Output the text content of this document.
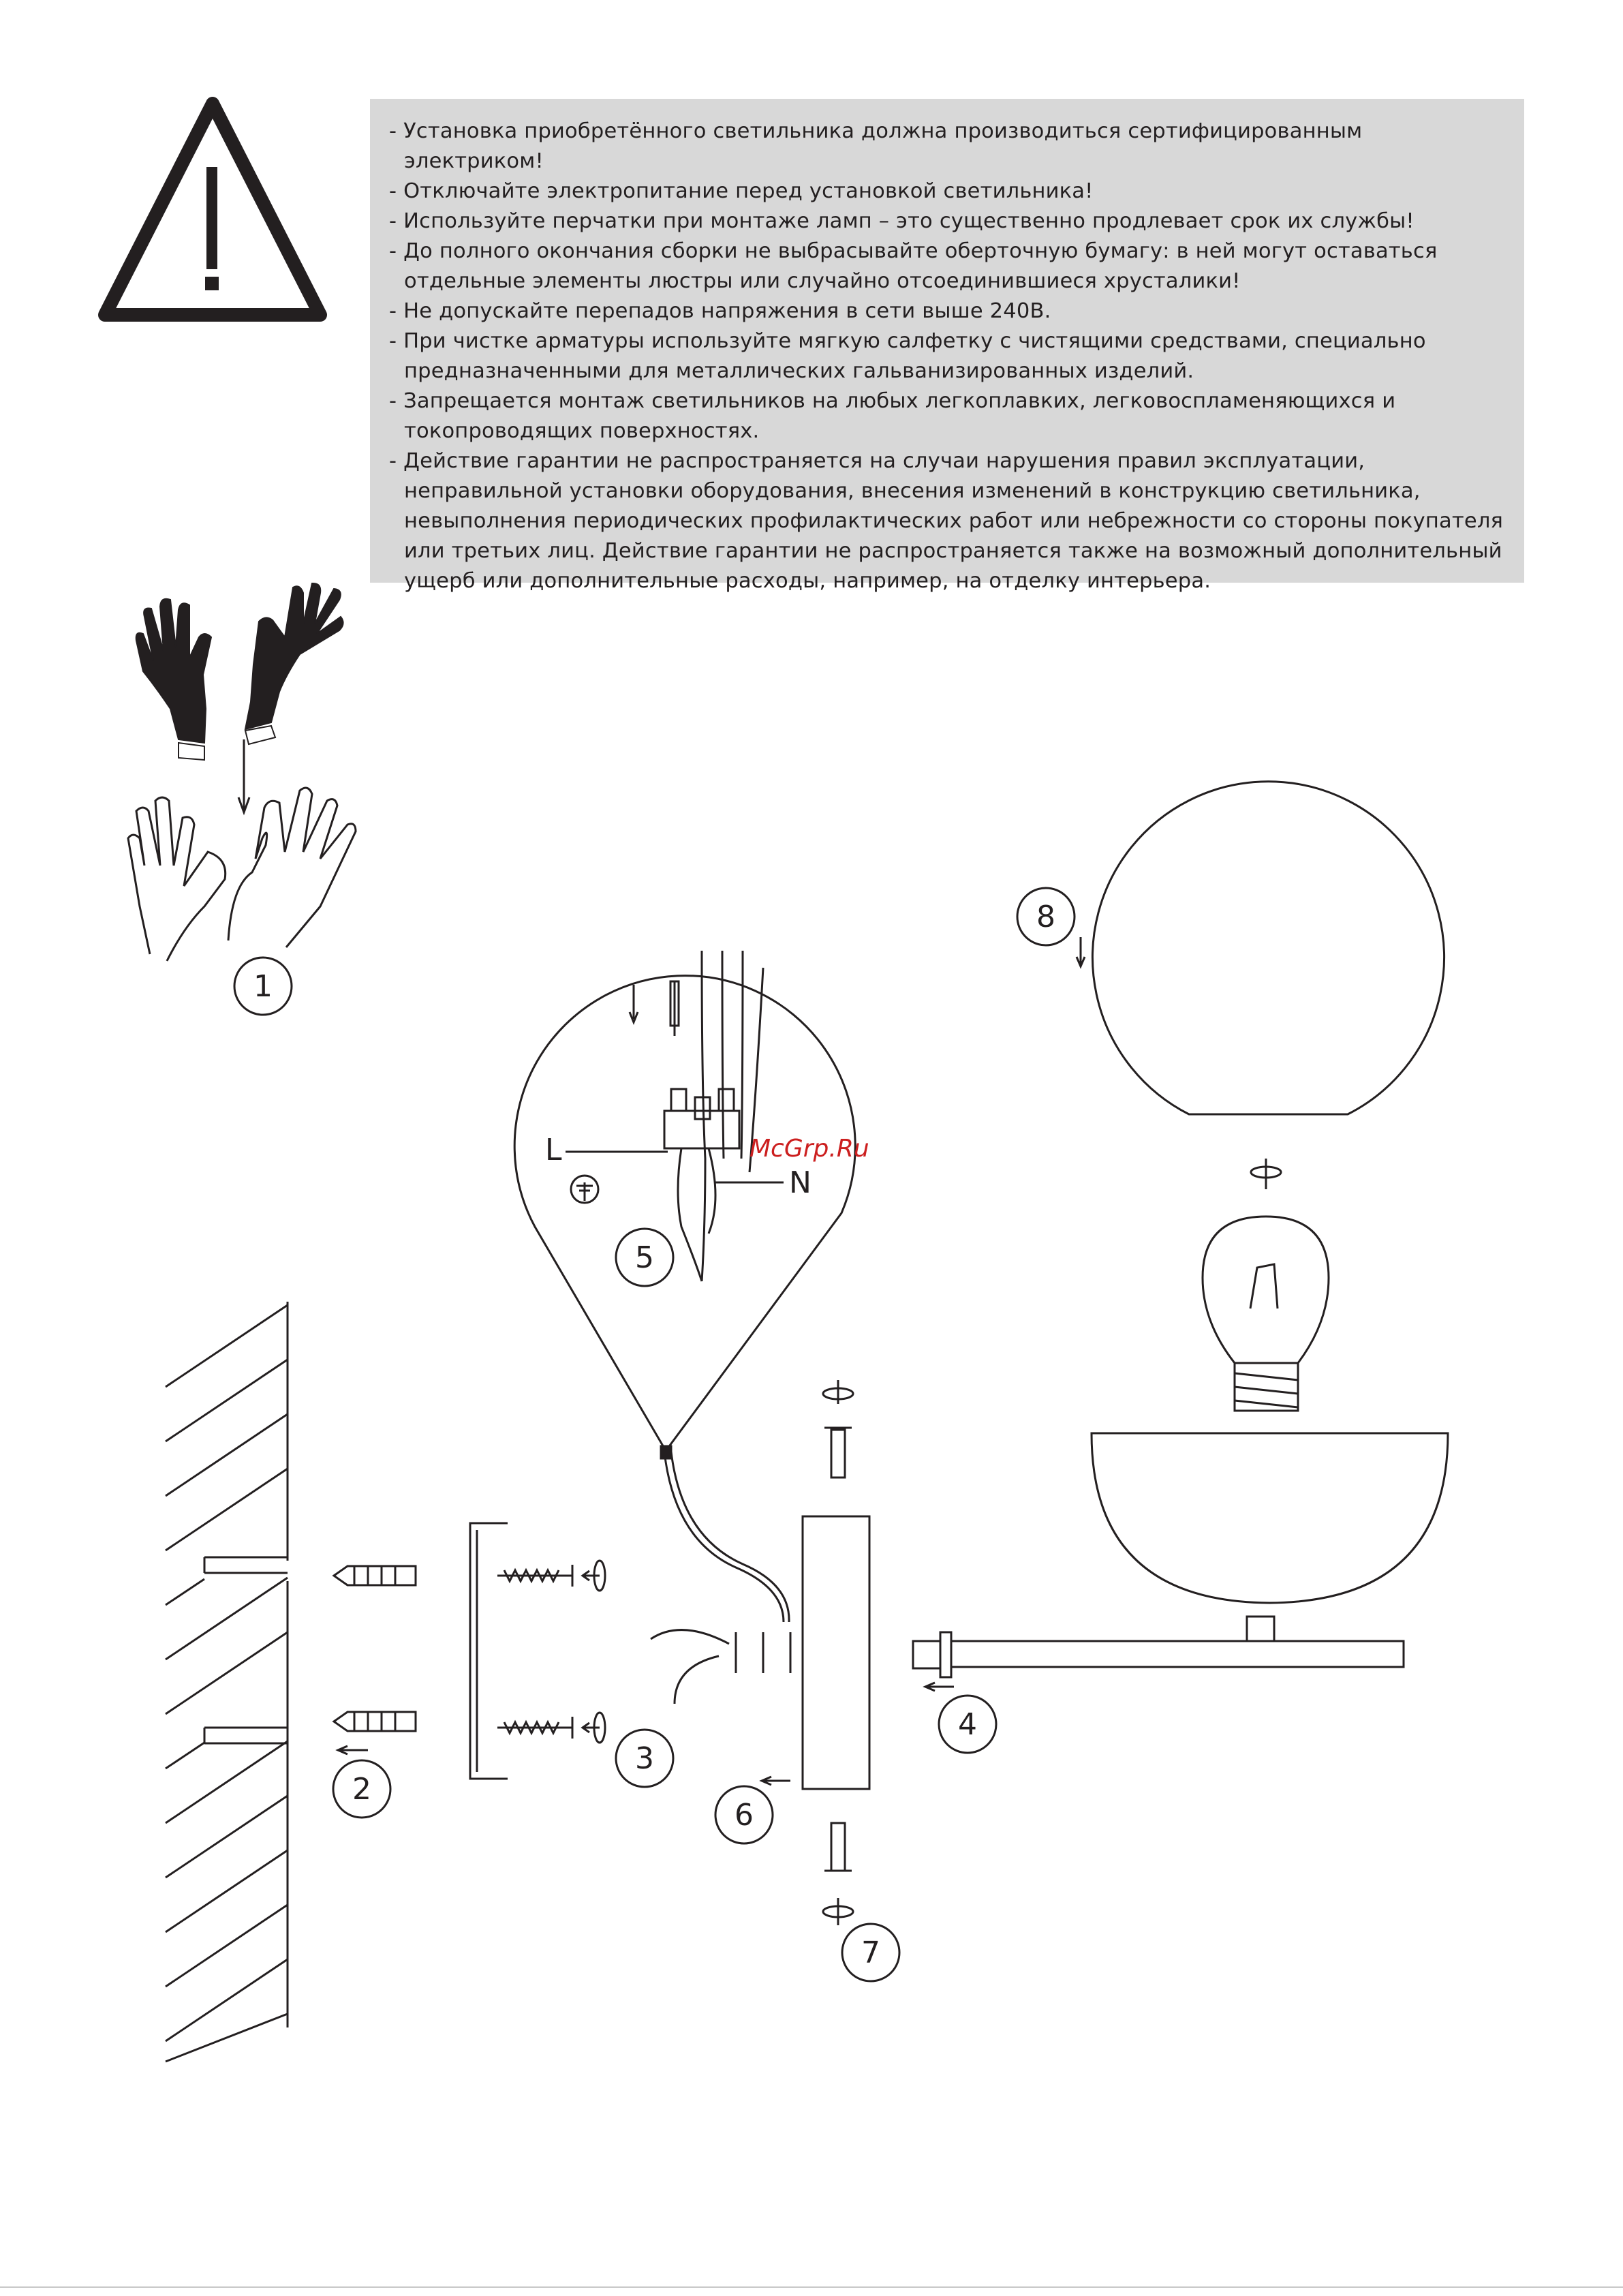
- Установка приобретённого светильника должна производиться сертифицированным электриком!
- Отключайте электропитание перед установкой светильника!
- Используйте перчатки при монтаже ламп – это существенно продлевает срок их службы!
- До полного окончания сборки не выбрасывайте оберточную бумагу: в ней могут оставаться отдельные элементы люстры или случайно отсоединившиеся хрусталики!
- Не допускайте перепадов напряжения в сети выше 240В.
- При чистке арматуры используйте мягкую салфетку с чистящими средствами, специально предназначенными для металлических гальванизированных изделий.
- Запрещается монтаж светильников на любых легкоплавких, легковоспламеняющихся и токопроводящих поверхностях.
- Действие гарантии не распространяется на случаи нарушения правил эксплуатации, неправильной установки оборудования, внесения изменений в конструкцию светильника, невыполнения периодических профилактических работ или небрежности со стороны покупателя или третьих лиц. Действие гарантии не распространяется также на возможный дополнительный ущерб или дополнительные расходы, например, на отделку интерьера.
1
2
3
L
N
McGrp.Ru
5
6
7
4
8
